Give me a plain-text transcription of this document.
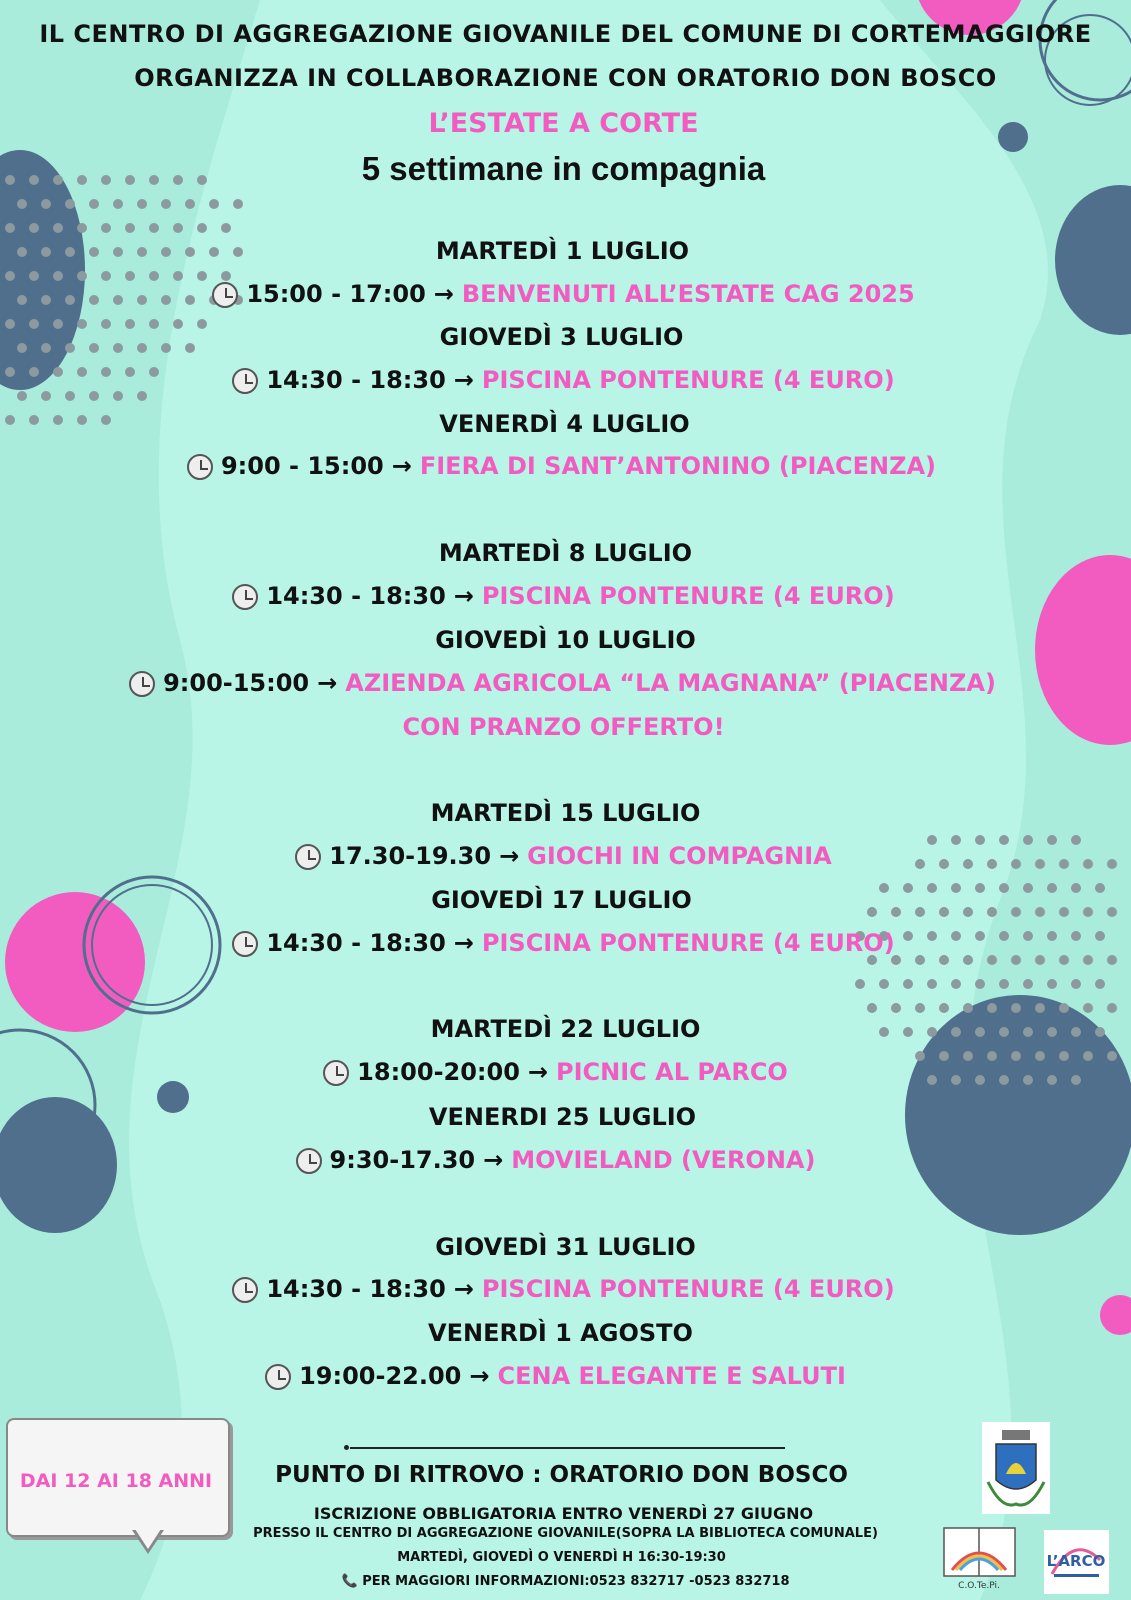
IL CENTRO DI AGGREGAZIONE GIOVANILE DEL COMUNE DI CORTEMAGGIORE
ORGANIZZA IN COLLABORAZIONE CON ORATORIO DON BOSCO
L’ESTATE A CORTE
5 settimane in compagnia
MARTEDÌ 1 LUGLIO
15:00 - 17:00 → BENVENUTI ALL’ESTATE CAG 2025
GIOVEDÌ 3 LUGLIO
14:30 - 18:30 → PISCINA PONTENURE (4 EURO)
VENERDÌ 4 LUGLIO
9:00 - 15:00 → FIERA DI SANT’ANTONINO (PIACENZA)
MARTEDÌ 8 LUGLIO
14:30 - 18:30 → PISCINA PONTENURE (4 EURO)
GIOVEDÌ 10 LUGLIO
9:00-15:00 → AZIENDA AGRICOLA “LA MAGNANA” (PIACENZA)
CON PRANZO OFFERTO!
MARTEDÌ 15 LUGLIO
17.30-19.30 → GIOCHI IN COMPAGNIA
GIOVEDÌ 17 LUGLIO
14:30 - 18:30 → PISCINA PONTENURE (4 EURO)
MARTEDÌ 22 LUGLIO
18:00-20:00 → PICNIC AL PARCO
VENERDI 25 LUGLIO
9:30-17.30 → MOVIELAND (VERONA)
GIOVEDÌ 31 LUGLIO
14:30 - 18:30 → PISCINA PONTENURE (4 EURO)
VENERDÌ 1 AGOSTO
19:00-22.00 → CENA ELEGANTE E SALUTI
DAI 12 AI 18 ANNI	PUNTO DI RITROVO : ORATORIO DON BOSCO
ISCRIZIONE OBBLIGATORIA ENTRO VENERDÌ 27 GIUGNO
PRESSO IL CENTRO DI AGGREGAZIONE GIOVANILE(SOPRA LA BIBLIOTECA COMUNALE)
MARTEDÌ, GIOVEDÌ O VENERDÌ H 16:30-19:30
📞 PER MAGGIORI INFORMAZIONI:0523 832717 -0523 832718	C.O.Te.Pi.
L’ARCO
